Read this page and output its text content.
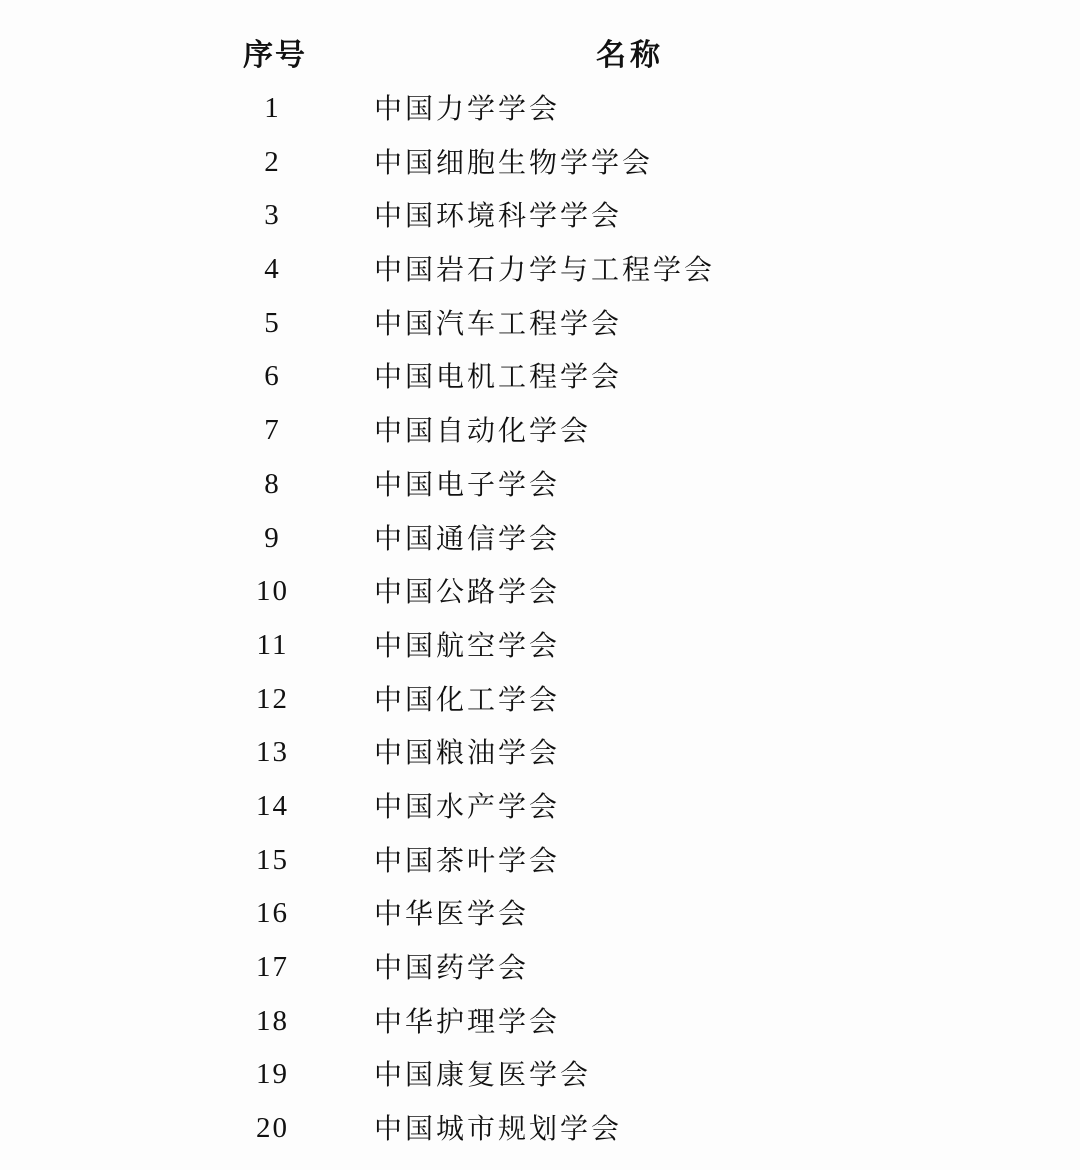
序号	名称
1	中国力学学会
2	中国细胞生物学学会
3	中国环境科学学会
4	中国岩石力学与工程学会
5	中国汽车工程学会
6	中国电机工程学会
7	中国自动化学会
8	中国电子学会
9	中国通信学会
10	中国公路学会
11	中国航空学会
12	中国化工学会
13	中国粮油学会
14	中国水产学会
15	中国茶叶学会
16	中华医学会
17	中国药学会
18	中华护理学会
19	中国康复医学会
20	中国城市规划学会
